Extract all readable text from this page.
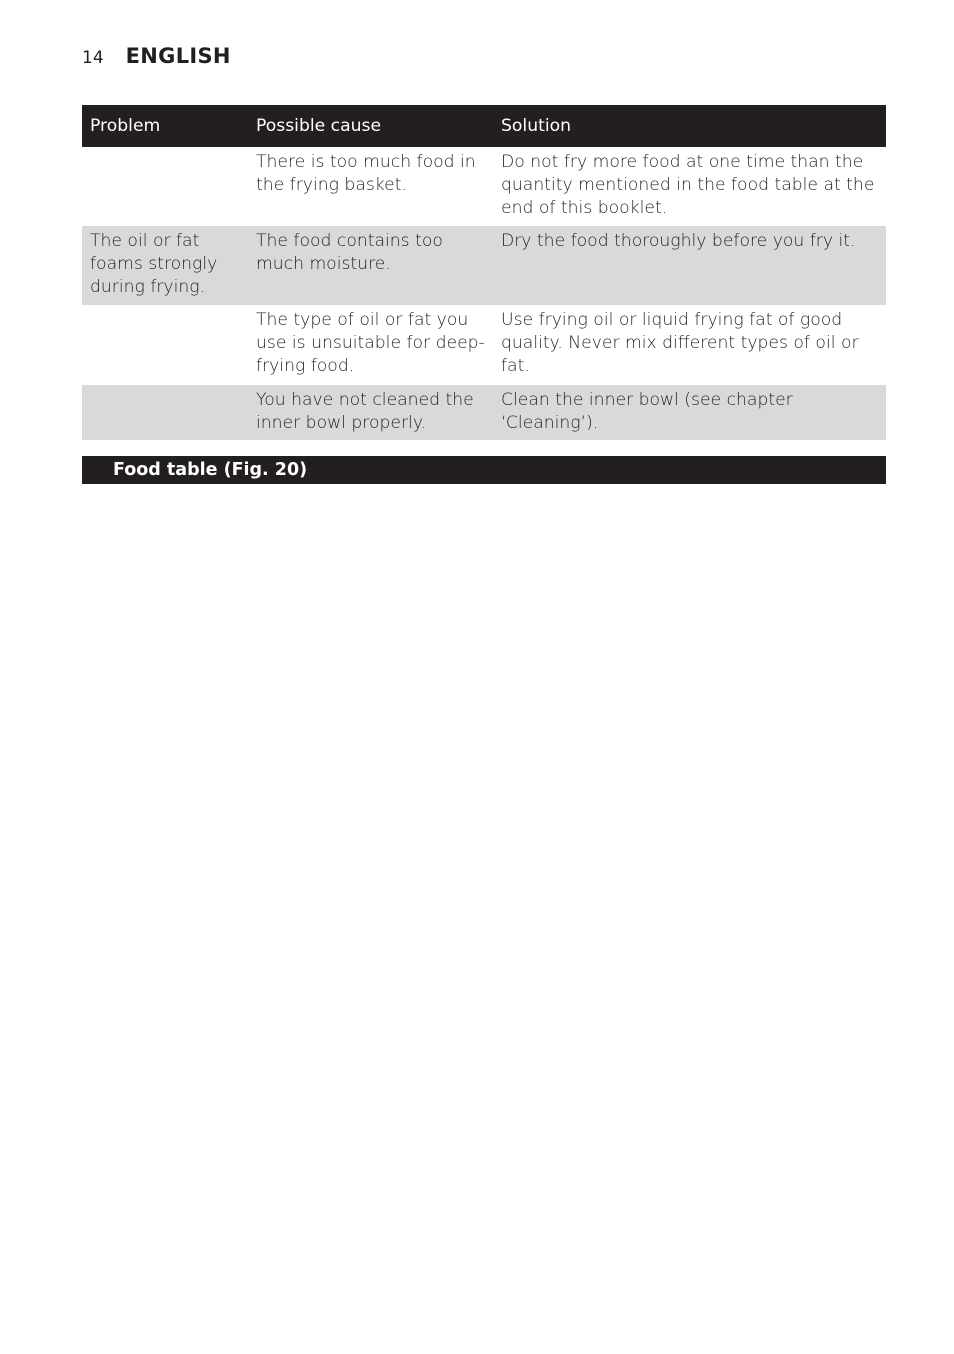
14 ENGLISH
Problem	Possible cause	Solution
	There is too much food in the frying basket.	Do not fry more food at one time than the quantity mentioned in the food table at the end of this booklet.
The oil or fat foams strongly during frying.	The food contains too much moisture.	Dry the food thoroughly before you fry it.
	The type of oil or fat you use is unsuitable for deep-frying food.	Use frying oil or liquid frying fat of good quality. Never mix different types of oil or fat.
	You have not cleaned the inner bowl properly.	Clean the inner bowl (see chapter ‘Cleaning’).
Food table (Fig. 20)
